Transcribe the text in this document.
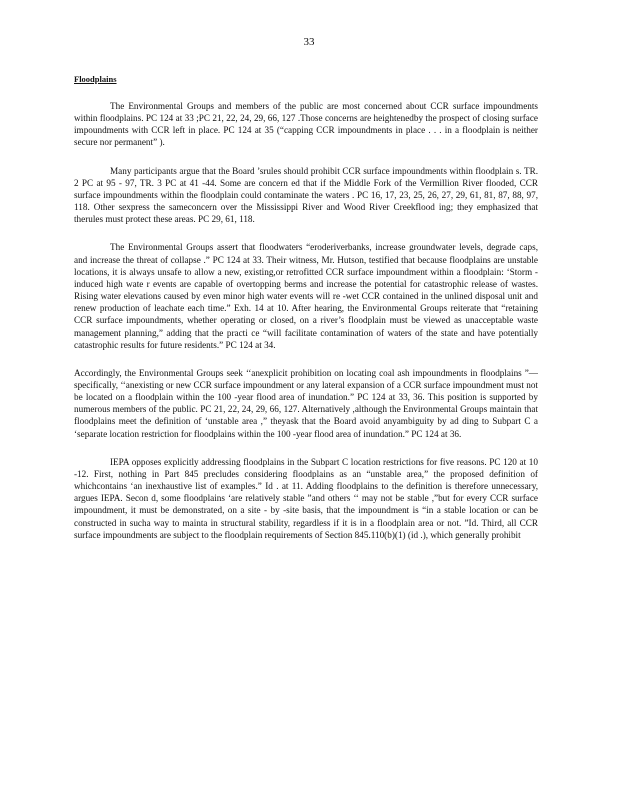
33
Floodplains

The Environmental Groups and members of the public are most concerned about CCR surface impoundments within floodplains. PC 124 at 33 ;PC 21, 22, 24, 29, 66, 127 .Those concerns are heightenedby the prospect of closing surface impoundments with CCR left in place. PC 124 at 35 (“capping CCR impoundments in place . . . in a floodplain is neither secure nor permanent” ).

Many participants argue that the Board ’srules should prohibit CCR surface impoundments within floodplain s. TR. 2 PC at 95 - 97, TR. 3 PC at 41 -44. Some are concern ed that if the Middle Fork of the Vermillion River flooded, CCR surface impoundments within the floodplain could contaminate the waters . PC 16, 17, 23, 25, 26, 27, 29, 61, 81, 87, 88, 97, 118. Other sexpress the sameconcern over the Mississippi River and Wood River Creekflood ing; they emphasized that therules must protect these areas. PC 29, 61, 118.

The Environmental Groups assert that floodwaters “eroderiverbanks, increase groundwater levels, degrade caps, and increase the threat of collapse .” PC 124 at 33. Their witness, Mr. Hutson, testified that because floodplains are unstable locations, it is always unsafe to allow a new, existing,or retrofitted CCR surface impoundment within a floodplain: ‘Storm - induced high wate r events are capable of overtopping berms and increase the potential for catastrophic release of wastes. Rising water elevations caused by even minor high water events will re -wet CCR contained in the unlined disposal unit and renew production of leachate each time.” Exh. 14 at 10. After hearing, the Environmental Groups reiterate that “retaining CCR surface impoundments, whether operating or closed, on a river’s floodplain must be viewed as unacceptable waste management planning,” adding that the practi ce “will facilitate contamination of waters of the state and have potentially catastrophic results for future residents.” PC 124 at 34.

Accordingly, the Environmental Groups seek ‘‘anexplicit prohibition on locating coal ash impoundments in floodplains ”— specifically, ‘‘anexisting or new CCR surface impoundment or any lateral expansion of a CCR surface impoundment must not be located on a floodplain within the 100 -year flood area of inundation.” PC 124 at 33, 36. This position is supported by numerous members of the public. PC 21, 22, 24, 29, 66, 127. Alternatively ,although the Environmental Groups maintain that floodplains meet the definition of ‘unstable area ,” theyask that the Board avoid anyambiguity by ad ding to Subpart C a ‘separate location restriction for floodplains within the 100 -year flood area of inundation.” PC 124 at 36.

IEPA opposes explicitly addressing floodplains in the Subpart C location restrictions for five reasons. PC 120 at 10 -12. First, nothing in Part 845 precludes considering floodplains as an “unstable area,” the proposed definition of whichcontains ‘an inexhaustive list of examples.” Id . at 11. Adding floodplains to the definition is therefore unnecessary, argues IEPA. Secon d, some floodplains ‘are relatively stable ”and others ‘‘ may not be stable ,”but for every CCR surface impoundment, it must be demonstrated, on a site - by -site basis, that the impoundment is “in a stable location or can be constructed in sucha way to mainta in structural stability, regardless if it is in a floodplain area or not. ”Id. Third, all CCR surface impoundments are subject to the floodplain requirements of Section 845.110(b)(1) (id .), which generally prohibit
